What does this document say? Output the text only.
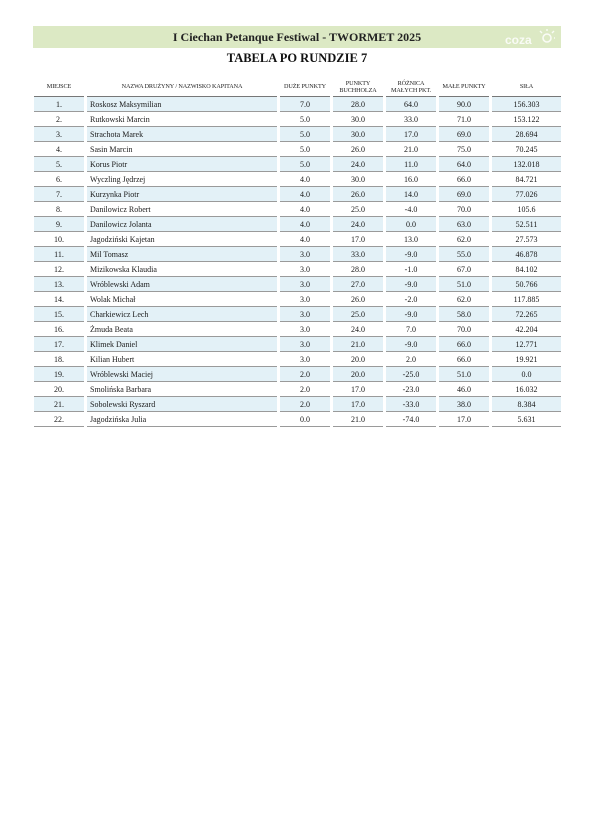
I Ciechan Petanque Festiwal - TWORMET 2025	coza
TABELA PO RUNDZIE 7
MIEJSCE		NAZWA DRUŻYNY / NAZWISKO KAPITANA		DUŻE PUNKTY		PUNKTY BUCHHOLZA		RÓŻNICA MAŁYCH PKT.		MAŁE PUNKTY		SIŁA
1.		Roskosz Maksymilian		7.0		28.0		64.0		90.0		156.303
2.		Rutkowski Marcin		5.0		30.0		33.0		71.0		153.122
3.		Strachota Marek		5.0		30.0		17.0		69.0		28.694
4.		Sasin Marcin		5.0		26.0		21.0		75.0		70.245
5.		Korus Piotr		5.0		24.0		11.0		64.0		132.018
6.		Wyczling Jędrzej		4.0		30.0		16.0		66.0		84.721
7.		Kurzynka Piotr		4.0		26.0		14.0		69.0		77.026
8.		Danilowicz Robert		4.0		25.0		-4.0		70.0		105.6
9.		Danilowicz Jolanta		4.0		24.0		0.0		63.0		52.511
10.		Jagodziński Kajetan		4.0		17.0		13.0		62.0		27.573
11.		Mil Tomasz		3.0		33.0		-9.0		55.0		46.878
12.		Mizikowska Klaudia		3.0		28.0		-1.0		67.0		84.102
13.		Wróblewski Adam		3.0		27.0		-9.0		51.0		50.766
14.		Wolak Michał		3.0		26.0		-2.0		62.0		117.885
15.		Charkiewicz Lech		3.0		25.0		-9.0		58.0		72.265
16.		Żmuda Beata		3.0		24.0		7.0		70.0		42.204
17.		Klimek Daniel		3.0		21.0		-9.0		66.0		12.771
18.		Kilian Hubert		3.0		20.0		2.0		66.0		19.921
19.		Wróblewski Maciej		2.0		20.0		-25.0		51.0		0.0
20.		Smolińska Barbara		2.0		17.0		-23.0		46.0		16.032
21.		Sobolewski Ryszard		2.0		17.0		-33.0		38.0		8.384
22.		Jagodzińska Julia		0.0		21.0		-74.0		17.0		5.631
